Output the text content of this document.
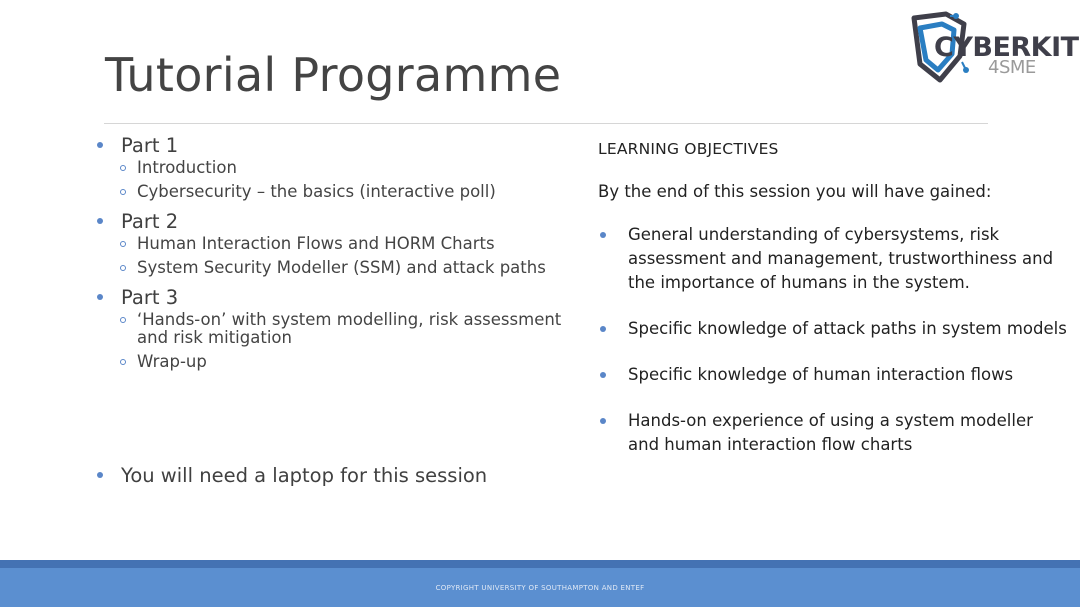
Tutorial Programme
CYBERKIT
4SME
Part 1
Introduction
Cybersecurity – the basics (interactive poll)
Part 2
Human Interaction Flows and HORM Charts
System Security Modeller (SSM) and attack paths
Part 3
‘Hands-on’ with system modelling, risk assessment and risk mitigation
Wrap-up
You will need a laptop for this session
LEARNING OBJECTIVES
By the end of this session you will have gained:
General understanding of cybersystems, risk assessment and management, trustworthiness and the importance of humans in the system.
Specific knowledge of attack paths in system models
Specific knowledge of human interaction flows
Hands-on experience of using a system modeller and human interaction flow charts
COPYRIGHT UNIVERSITY OF SOUTHAMPTON AND ENTEF
